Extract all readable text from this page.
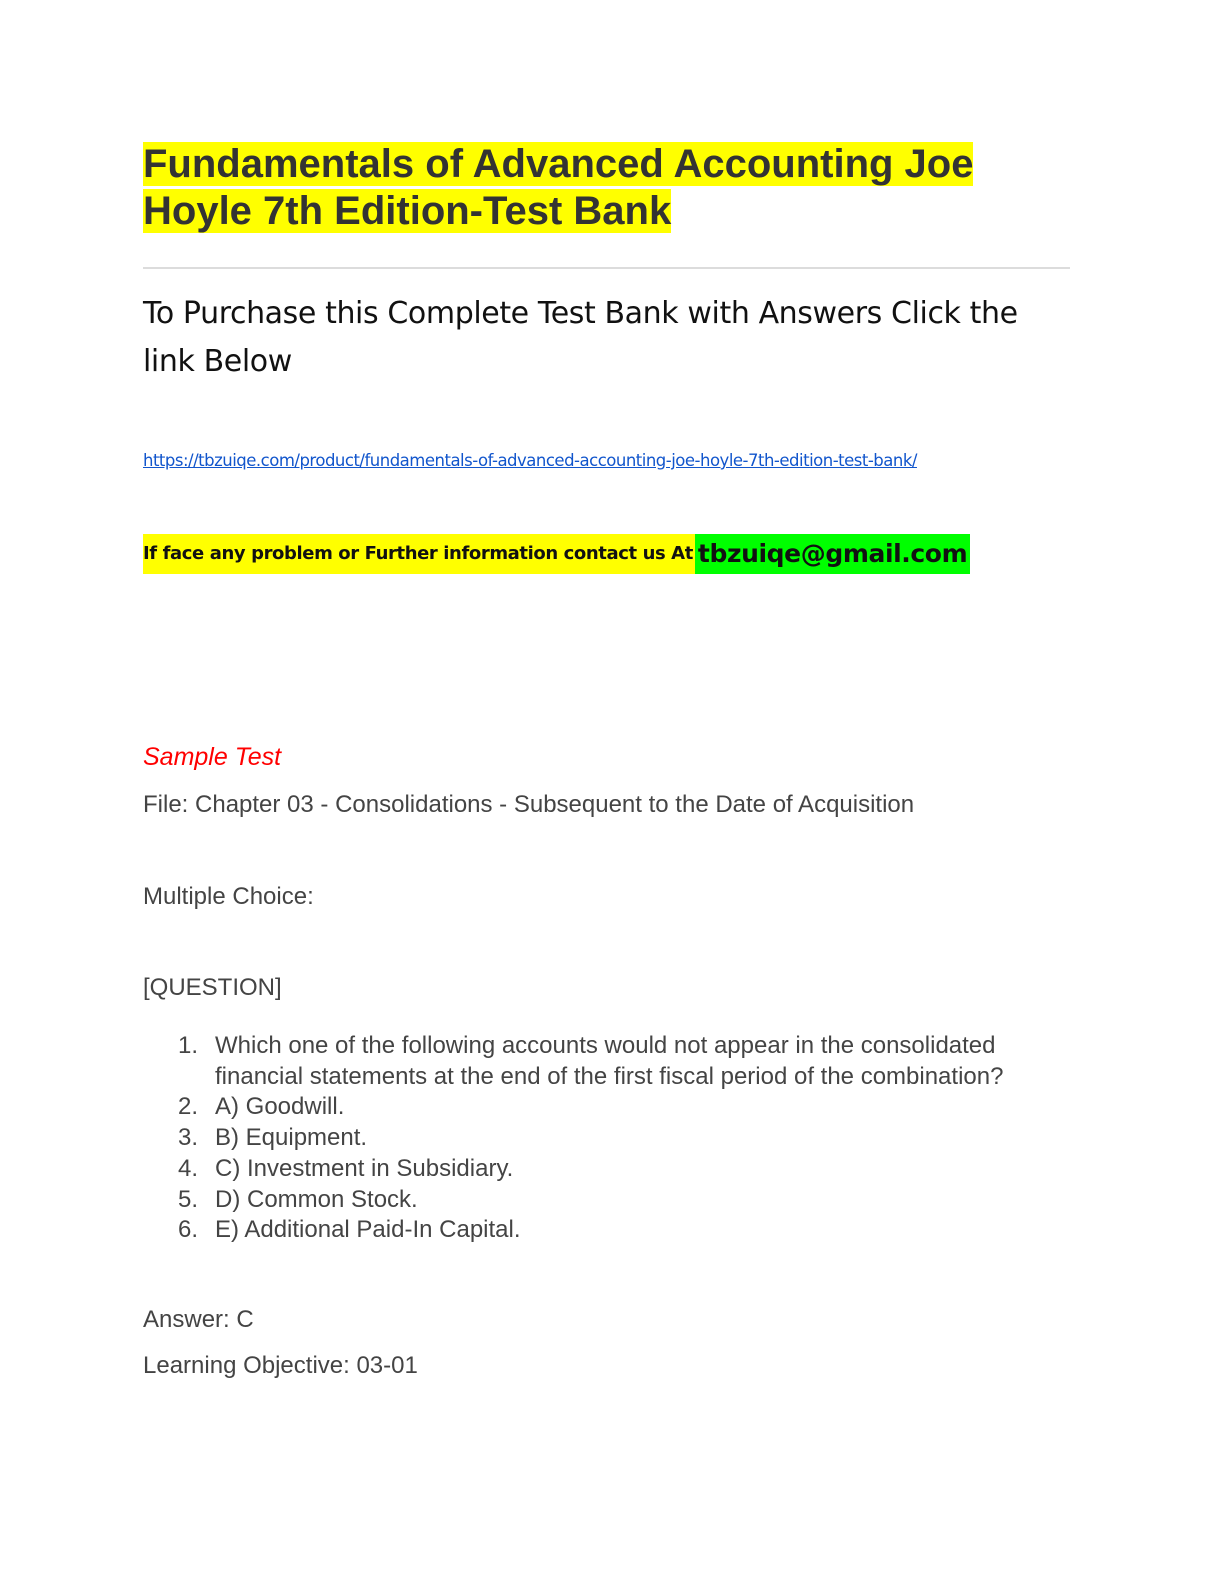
Fundamentals of Advanced Accounting Joe
Hoyle 7th Edition-Test Bank

To Purchase this Complete Test Bank with Answers Click the link Below

https://tbzuiqe.com/product/fundamentals-of-advanced-accounting-joe-hoyle-7th-edition-test-bank/
If face any problem or Further information contact us At tbzuiqe@gmail.com

Sample Test

File: Chapter 03 - Consolidations - Subsequent to the Date of Acquisition

Multiple Choice:

[QUESTION]

1. Which one of the following accounts would not appear in the consolidated financial statements at the end of the first fiscal period of the combination?
2. A) Goodwill.
3. B) Equipment.
4. C) Investment in Subsidiary.
5. D) Common Stock.
6. E) Additional Paid-In Capital.

Answer: C

Learning Objective: 03-01
